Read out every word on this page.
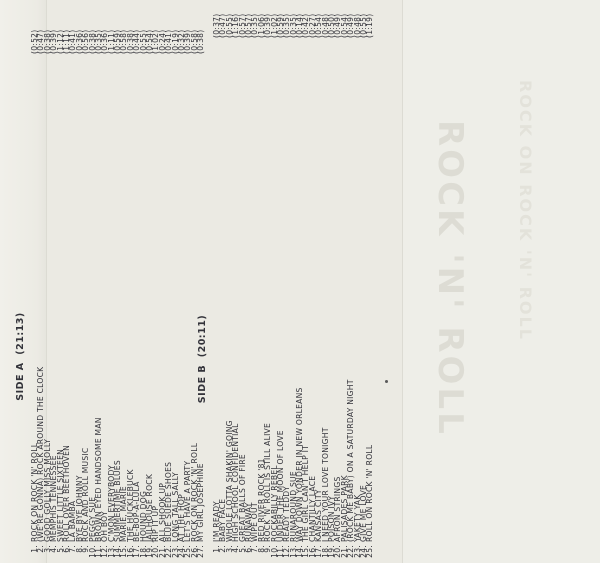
ROCK 'N' ROLL	ROCK ON ROCK 'N' ROLL
SIDE A  (21:13)
1.
ROCK ON ROCK 'N' ROLL
(0:52)
2.
(WE'RE GONNA) ROCK AROUND THE CLOCK
(0:47)
3.
GOOD GOLLY MISS MOLLY
(0:38)
4.
MEMPHIS TENNESSEE
(0:39)
5.
SWEET LITTLE SIXTEEN
(1:12)
6.
ROLL OVER BEETHOVEN
(1:11)
7.
LA BAMBA
(0:41)
8.
BYE BYE JOHNNY
(0:36)
9.
ROCK AND ROLL MUSIC
(0:56)
10.
PEGGY SUE
(0:38)
11.
BROWN EYED HANDSOME MAN
(0:35)
12.
OH BOY
(0:36)
13.
C'MON EVERYBODY
(1:11)
14.
SUMMERTIME BLUES
(0:59)
15.
MARIE, MARIE
(0:58)
16.
THE HUCKLEBUCK
(0:38)
17.
BE-BOP-A-LULA
(0:44)
18.
HOUND DOG
(0:55)
19.
JAILHOUSE ROCK
(0:54)
20.
RIP IT UP
(1:02)
21.
ALL SHOOK UP
(0:24)
22.
BLUE SUEDE SHOES
(0:41)
23.
LONG TALL SALLY
(0:19)
24.
AT THE HOP
(0:32)
25.
LET'S HAVE A PARTY
(0:39)
26.
ROCK ON ROCK 'N' ROLL
(0:58)
27.
MY GIRL JOSEPHINE
(0:38)
SIDE B  (20:11)
1.
I'M READY
(0:37)
2.
BABY FACE
(0:47)
3.
WHOLE LOTTA SHAKIN' GOING
(0:55)
4.
HIGH SCHOOL CONFIDENTIAL
(1:16)
5.
GREAT BALLS OF FIRE
(0:57)
6.
RUNAWAY
(0:57)
7.
WIPE OUT
(0:35)
8.
RED RIVER ROCK '81
(1:06)
9.
ROCK 'N' ROLL IS STILL ALIVE
(0:39)
10.
ROCKABILLY REBEL
(1:02)
11.
UNDER THE MOON OF LOVE
(0:59)
12.
READY TEDDY
(0:35)
13.
RUNAROUND SUE
(0:35)
14.
WAY DOWN YONDER IN NEW ORLEANS
(0:14)
15.
THE GIRL CAN'T HELP IT
(0:42)
16.
CHANTILLY LACE
(0:27)
17.
KANSAS CITY
(0:54)
18.
I NEED YOUR LOVE TONIGHT
(0:48)
19.
POISON IVY
(0:50)
20.
AFRON STRINGS
(0:49)
21.
PALISADES PARK
(0:54)
22.
(ROCK ME BABY) ON A SATURDAY NIGHT
(0:49)
23.
YAKETY YAK
(0:48)
24.
GIVE ME LOVE
(0:55)
25.
ROLL ON ROCK 'N' ROLL
(1:19)
